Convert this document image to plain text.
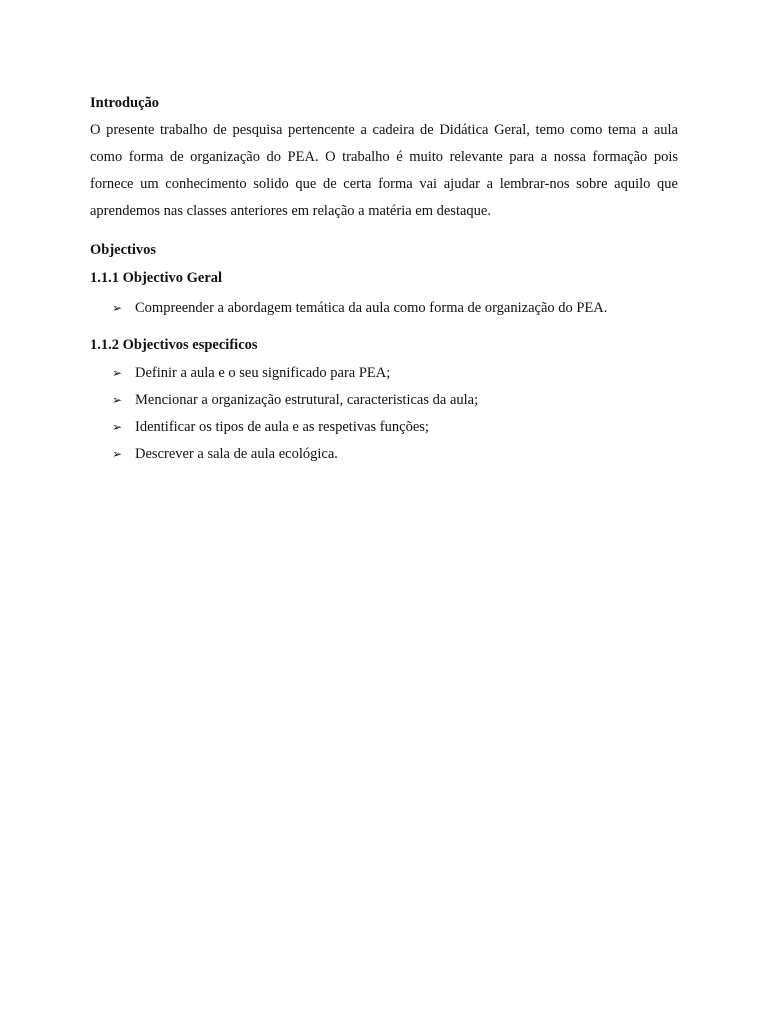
Introdução

O presente trabalho de pesquisa pertencente a cadeira de Didática Geral, temo como tema a aula como forma de organização do PEA. O trabalho é muito relevante para a nossa formação pois fornece um conhecimento solido que de certa forma vai ajudar a lembrar-nos sobre aquilo que aprendemos nas classes anteriores em relação a matéria em destaque.

Objectivos

1.1.1 Objectivo Geral

➢ Compreender a abordagem temática da aula como forma de organização do PEA.

1.1.2 Objectivos especificos

➢ Definir a aula e o seu significado para PEA;
➢ Mencionar a organização estrutural, caracteristicas da aula;
➢ Identificar os tipos de aula e as respetivas funções;
➢ Descrever a sala de aula ecológica.
